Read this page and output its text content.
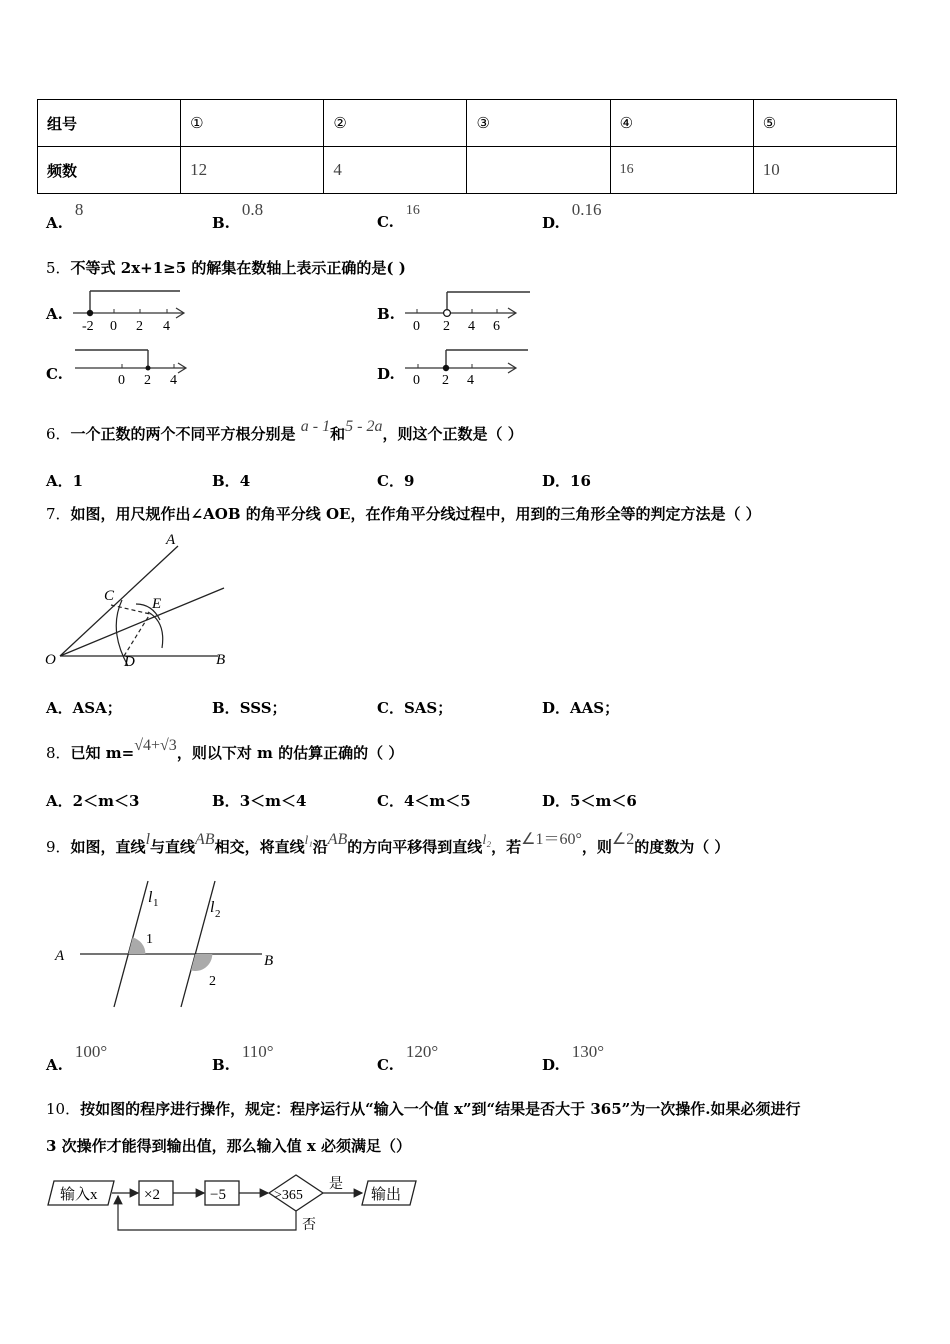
组号	①	②	③	④	⑤
频数	12	4		16	10
A.8
B.0.8
C.16
D.0.16
5．不等式 2x+1≥5 的解集在数轴上表示正确的是( )
A.
-2 0 2 4
B.
0 2 4 6
C.	0 2 4	D. 0 2 4
6．一个正数的两个不同平方根分别是 a - 1和5 - 2a，则这个正数是（ ）
A．1	B．4	C．9	D．16
7．如图，用尺规作出∠AOB 的角平分线 OE，在作角平分线过程中，用到的三角形全等的判定方法是（ ）
A
B
C
D
E
O
A．ASA；	B．SSS；	C．SAS；	D．AAS；
8．已知 m=√4+√3，则以下对 m 的估算正确的（ ）
A．2＜m＜3	B．3＜m＜4	C．4＜m＜5	D．5＜m＜6
9．如图，直线l与直线AB相交，将直线l₁沿AB的方向平移得到直线l₂，若∠1＝60°，则∠2的度数为（ ）
A	B
l 1	l 2
1
2
A.100°
B.110°
C.120°
D.130°
10．按如图的程序进行操作，规定：程序运行从“输入一个值 x”到“结果是否大于 365”为一次操作.如果必须进行
3 次操作才能得到输出值，那么输入值 x 必须满足（）
输入x	×2	−5	>365
是
输出
否
